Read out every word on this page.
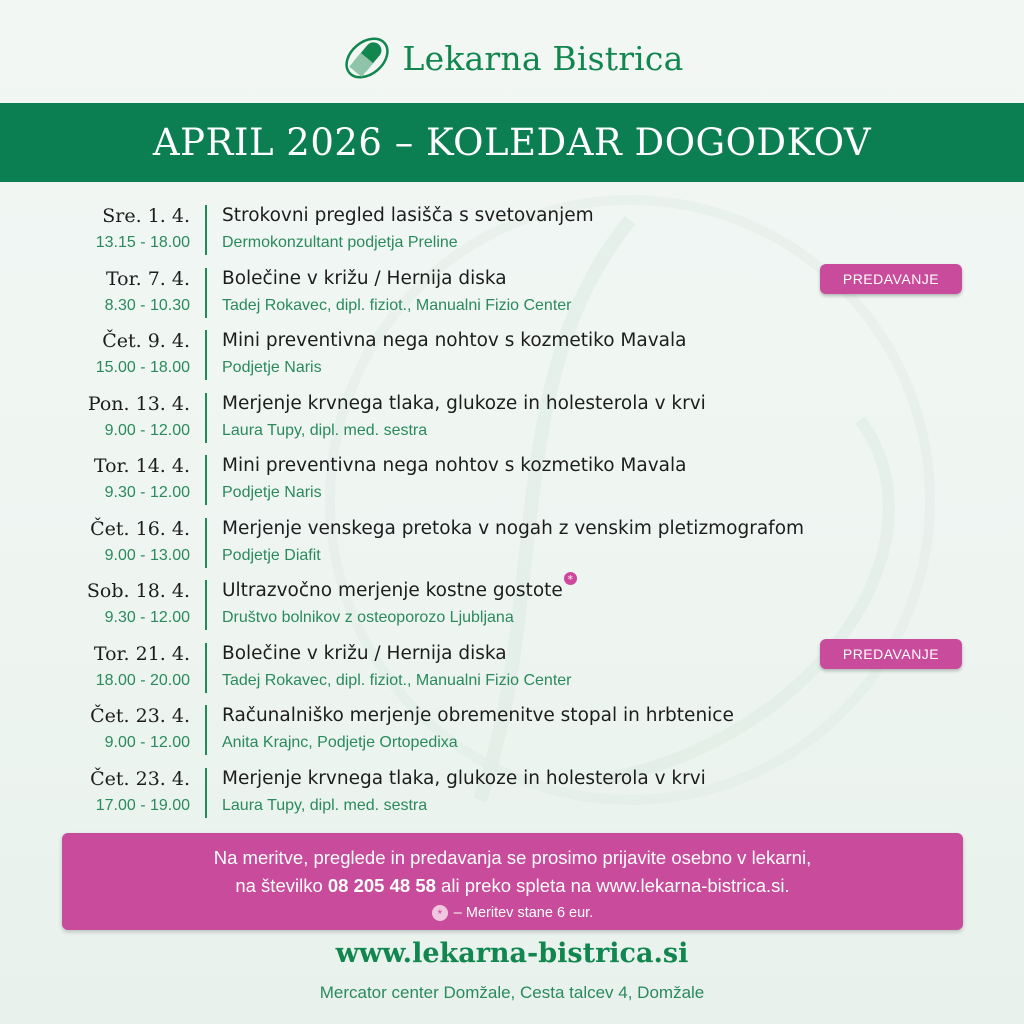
Lekarna Bistrica
APRIL 2026 – KOLEDAR DOGODKOV
Sre. 1. 4.
13.15 - 18.00
Strokovni pregled lasišča s svetovanjem
Dermokonzultant podjetja Preline
Tor. 7. 4.
8.30 - 10.30
Bolečine v križu / Hernija diska
Tadej Rokavec, dipl. fiziot., Manualni Fizio Center
PREDAVANJE
Čet. 9. 4.
15.00 - 18.00
Mini preventivna nega nohtov s kozmetiko Mavala
Podjetje Naris
Pon. 13. 4.
9.00 - 12.00
Merjenje krvnega tlaka, glukoze in holesterola v krvi
Laura Tupy, dipl. med. sestra
Tor. 14. 4.
9.30 - 12.00
Mini preventivna nega nohtov s kozmetiko Mavala
Podjetje Naris
Čet. 16. 4.
9.00 - 13.00
Merjenje venskega pretoka v nogah z venskim pletizmografom
Podjetje Diafit
Sob. 18. 4.
9.30 - 12.00
Ultrazvočno merjenje kostne gostote*
Društvo bolnikov z osteoporozo Ljubljana
Tor. 21. 4.
18.00 - 20.00
Bolečine v križu / Hernija diska
Tadej Rokavec, dipl. fiziot., Manualni Fizio Center
PREDAVANJE
Čet. 23. 4.
9.00 - 12.00
Računalniško merjenje obremenitve stopal in hrbtenice
Anita Krajnc, Podjetje Ortopedixa
Čet. 23. 4.
17.00 - 19.00
Merjenje krvnega tlaka, glukoze in holesterola v krvi
Laura Tupy, dipl. med. sestra
Na meritve, preglede in predavanja se prosimo prijavite osebno v lekarni,
na številko 08 205 48 58 ali preko spleta na www.lekarna-bistrica.si.
* – Meritev stane 6 eur.
www.lekarna-bistrica.si
Mercator center Domžale, Cesta talcev 4, Domžale
